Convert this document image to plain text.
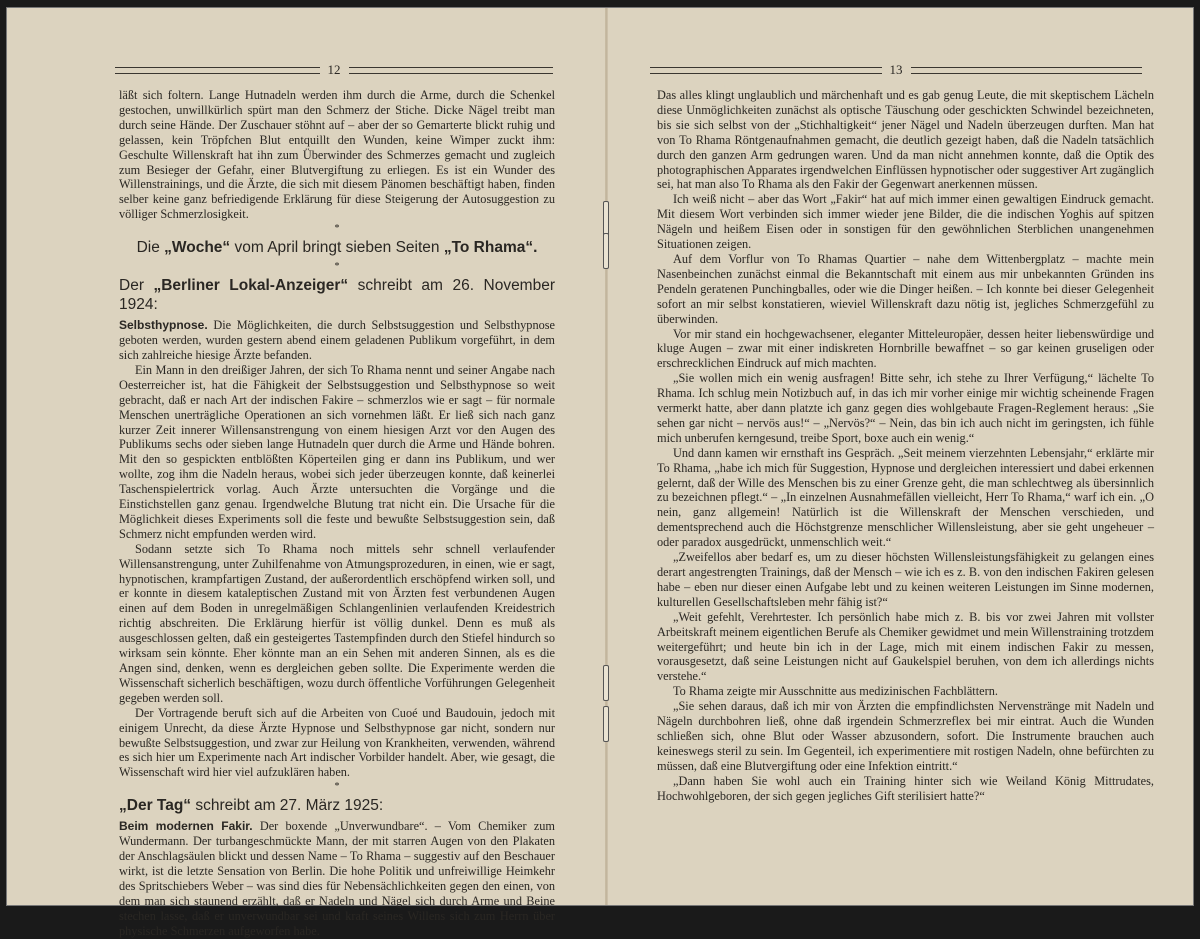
12

läßt sich foltern. Lange Hutnadeln werden ihm durch die Arme, durch die Schenkel gestochen, unwillkürlich spürt man den Schmerz der Stiche. Dicke Nägel treibt man durch seine Hände. Der Zuschauer stöhnt auf – aber der so Gemarterte blickt ruhig und gelassen, kein Tröpfchen Blut entquillt den Wunden, keine Wimper zuckt ihm: Geschulte Willenskraft hat ihn zum Überwinder des Schmerzes gemacht und zugleich zum Besieger der Gefahr, einer Blutvergiftung zu erliegen. Es ist ein Wunder des Willenstrainings, und die Ärzte, die sich mit diesem Pänomen beschäftigt haben, finden selber keine ganz befriedigende Erklärung für diese Steigerung der Autosuggestion zu völliger Schmerzlosigkeit.

*
Die „Woche“ vom April bringt sieben Seiten „To Rhama“.
*
Der „Berliner Lokal-Anzeiger“ schreibt am 26. November 1924:

Selbsthypnose. Die Möglichkeiten, die durch Selbstsuggestion und Selbsthypnose geboten werden, wurden gestern abend einem geladenen Publikum vorgeführt, in dem sich zahlreiche hiesige Ärzte befanden.

Ein Mann in den dreißiger Jahren, der sich To Rhama nennt und seiner Angabe nach Oesterreicher ist, hat die Fähigkeit der Selbstsuggestion und Selbsthypnose so weit gebracht, daß er nach Art der indischen Fakire – schmerzlos wie er sagt – für normale Menschen unerträgliche Operationen an sich vornehmen läßt. Er ließ sich nach ganz kurzer Zeit innerer Willensanstrengung von einem hiesigen Arzt vor den Augen des Publikums sechs oder sieben lange Hutnadeln quer durch die Arme und Hände bohren. Mit den so gespickten entblößten Köperteilen ging er dann ins Publikum, und wer wollte, zog ihm die Nadeln heraus, wobei sich jeder überzeugen konnte, daß keinerlei Taschenspielertrick vorlag. Auch Ärzte untersuchten die Vorgänge und die Einstichstellen ganz genau. Irgendwelche Blutung trat nicht ein. Die Ursache für die Möglichkeit dieses Experiments soll die feste und bewußte Selbstsuggestion sein, daß Schmerz nicht empfunden werden wird.

Sodann setzte sich To Rhama noch mittels sehr schnell verlaufender Willensanstrengung, unter Zuhilfenahme von Atmungsprozeduren, in einen, wie er sagt, hypnotischen, krampfartigen Zustand, der außerordentlich erschöpfend wirken soll, und er konnte in diesem kataleptischen Zustand mit von Ärzten fest verbundenen Augen einen auf dem Boden in unregelmäßigen Schlangenlinien verlaufenden Kreidestrich richtig abschreiten. Die Erklärung hierfür ist völlig dunkel. Denn es muß als ausgeschlossen gelten, daß ein gesteigertes Tastempfinden durch den Stiefel hindurch so wirksam sein könnte. Eher könnte man an ein Sehen mit anderen Sinnen, als es die Angen sind, denken, wenn es dergleichen geben sollte. Die Experimente werden die Wissenschaft sicherlich beschäftigen, wozu durch öffentliche Vorführungen Gelegenheit gegeben werden soll.

Der Vortragende beruft sich auf die Arbeiten von Cuoé und Baudouin, jedoch mit einigem Unrecht, da diese Ärzte Hypnose und Selbsthypnose gar nicht, sondern nur bewußte Selbstsuggestion, und zwar zur Heilung von Krankheiten, verwenden, während es sich hier um Experimente nach Art indischer Vorbilder handelt. Aber, wie gesagt, die Wissenschaft wird hier viel aufzuklären haben.

*
„Der Tag“ schreibt am 27. März 1925:

Beim modernen Fakir. Der boxende „Unverwundbare“. – Vom Chemiker zum Wundermann. Der turbangeschmückte Mann, der mit starren Augen von den Plakaten der Anschlagsäulen blickt und dessen Name – To Rhama – suggestiv auf den Beschauer wirkt, ist die letzte Sensation von Berlin. Die hohe Politik und unfreiwillige Heimkehr des Spritschiebers Weber – was sind dies für Nebensächlichkeiten gegen den einen, von dem man sich staunend erzählt, daß er Nadeln und Nägel sich durch Arme und Beine stechen lasse, daß er unverwundbar sei und kraft seines Willens sich zum Herrn über physische Schmerzen aufgeworfen habe.

13

Das alles klingt unglaublich und märchenhaft und es gab genug Leute, die mit skeptischem Lächeln diese Unmöglichkeiten zunächst als optische Täuschung oder geschickten Schwindel bezeichneten, bis sie sich selbst von der „Stichhaltigkeit“ jener Nägel und Nadeln überzeugen durften. Man hat von To Rhama Röntgenaufnahmen gemacht, die deutlich gezeigt haben, daß die Nadeln tatsächlich durch den ganzen Arm gedrungen waren. Und da man nicht annehmen konnte, daß die Optik des photographischen Apparates irgendwelchen Einflüssen hypnotischer oder suggestiver Art zugänglich sei, hat man also To Rhama als den Fakir der Gegenwart anerkennen müssen.

Ich weiß nicht – aber das Wort „Fakir“ hat auf mich immer einen gewaltigen Eindruck gemacht. Mit diesem Wort verbinden sich immer wieder jene Bilder, die die indischen Yoghis auf spitzen Nägeln und heißem Eisen oder in sonstigen für den gewöhnlichen Sterblichen unangenehmen Situationen zeigen.

Auf dem Vorflur von To Rhamas Quartier – nahe dem Wittenbergplatz – machte mein Nasenbeinchen zunächst einmal die Bekanntschaft mit einem aus mir unbekannten Gründen ins Pendeln geratenen Punchingballes, oder wie die Dinger heißen. – Ich konnte bei dieser Gelegenheit sofort an mir selbst konstatieren, wieviel Willenskraft dazu nötig ist, jegliches Schmerzgefühl zu überwinden.

Vor mir stand ein hochgewachsener, eleganter Mitteleuropäer, dessen heiter liebenswürdige und kluge Augen – zwar mit einer indiskreten Hornbrille bewaffnet – so gar keinen gruseligen oder erschrecklichen Eindruck auf mich machten.

„Sie wollen mich ein wenig ausfragen! Bitte sehr, ich stehe zu Ihrer Verfügung,“ lächelte To Rhama. Ich schlug mein Notizbuch auf, in das ich mir vorher einige mir wichtig scheinende Fragen vermerkt hatte, aber dann platzte ich ganz gegen dies wohlgebaute Fragen-Reglement heraus: „Sie sehen gar nicht – nervös aus!“ – „Nervös?“ – Nein, das bin ich auch nicht im geringsten, ich fühle mich unberufen kerngesund, treibe Sport, boxe auch ein wenig.“

Und dann kamen wir ernsthaft ins Gespräch. „Seit meinem vierzehnten Lebensjahr,“ erklärte mir To Rhama, „habe ich mich für Suggestion, Hypnose und dergleichen interessiert und dabei erkennen gelernt, daß der Wille des Menschen bis zu einer Grenze geht, die man schlechtweg als übersinnlich zu bezeichnen pflegt.“ – „In einzelnen Ausnahmefällen vielleicht, Herr To Rhama,“ warf ich ein. „O nein, ganz allgemein! Natürlich ist die Willenskraft der Menschen verschieden, und dementsprechend auch die Höchstgrenze menschlicher Willensleistung, aber sie geht ungeheuer – oder paradox ausgedrückt, unmenschlich weit.“

„Zweifellos aber bedarf es, um zu dieser höchsten Willensleistungsfähigkeit zu gelangen eines derart angestrengten Trainings, daß der Mensch – wie ich es z. B. von den indischen Fakiren gelesen habe – eben nur dieser einen Aufgabe lebt und zu keinen weiteren Leistungen im Sinne modernen, kulturellen Gesellschaftsleben mehr fähig ist?“

„Weit gefehlt, Verehrtester. Ich persönlich habe mich z. B. bis vor zwei Jahren mit vollster Arbeitskraft meinem eigentlichen Berufe als Chemiker gewidmet und mein Willenstraining trotzdem weitergeführt; und heute bin ich in der Lage, mich mit einem indischen Fakir zu messen, vorausgesetzt, daß seine Leistungen nicht auf Gaukelspiel beruhen, von dem ich allerdings nichts verstehe.“

To Rhama zeigte mir Ausschnitte aus medizinischen Fachblättern.

„Sie sehen daraus, daß ich mir von Ärzten die empfindlichsten Nervenstränge mit Nadeln und Nägeln durchbohren ließ, ohne daß irgendein Schmerzreflex bei mir eintrat. Auch die Wunden schließen sich, ohne Blut oder Wasser abzusondern, sofort. Die Instrumente brauchen auch keineswegs steril zu sein. Im Gegenteil, ich experimentiere mit rostigen Nadeln, ohne befürchten zu müssen, daß eine Blutvergiftung oder eine Infektion eintritt.“

„Dann haben Sie wohl auch ein Training hinter sich wie Weiland König Mittrudates, Hochwohlgeboren, der sich gegen jegliches Gift sterilisiert hatte?“
